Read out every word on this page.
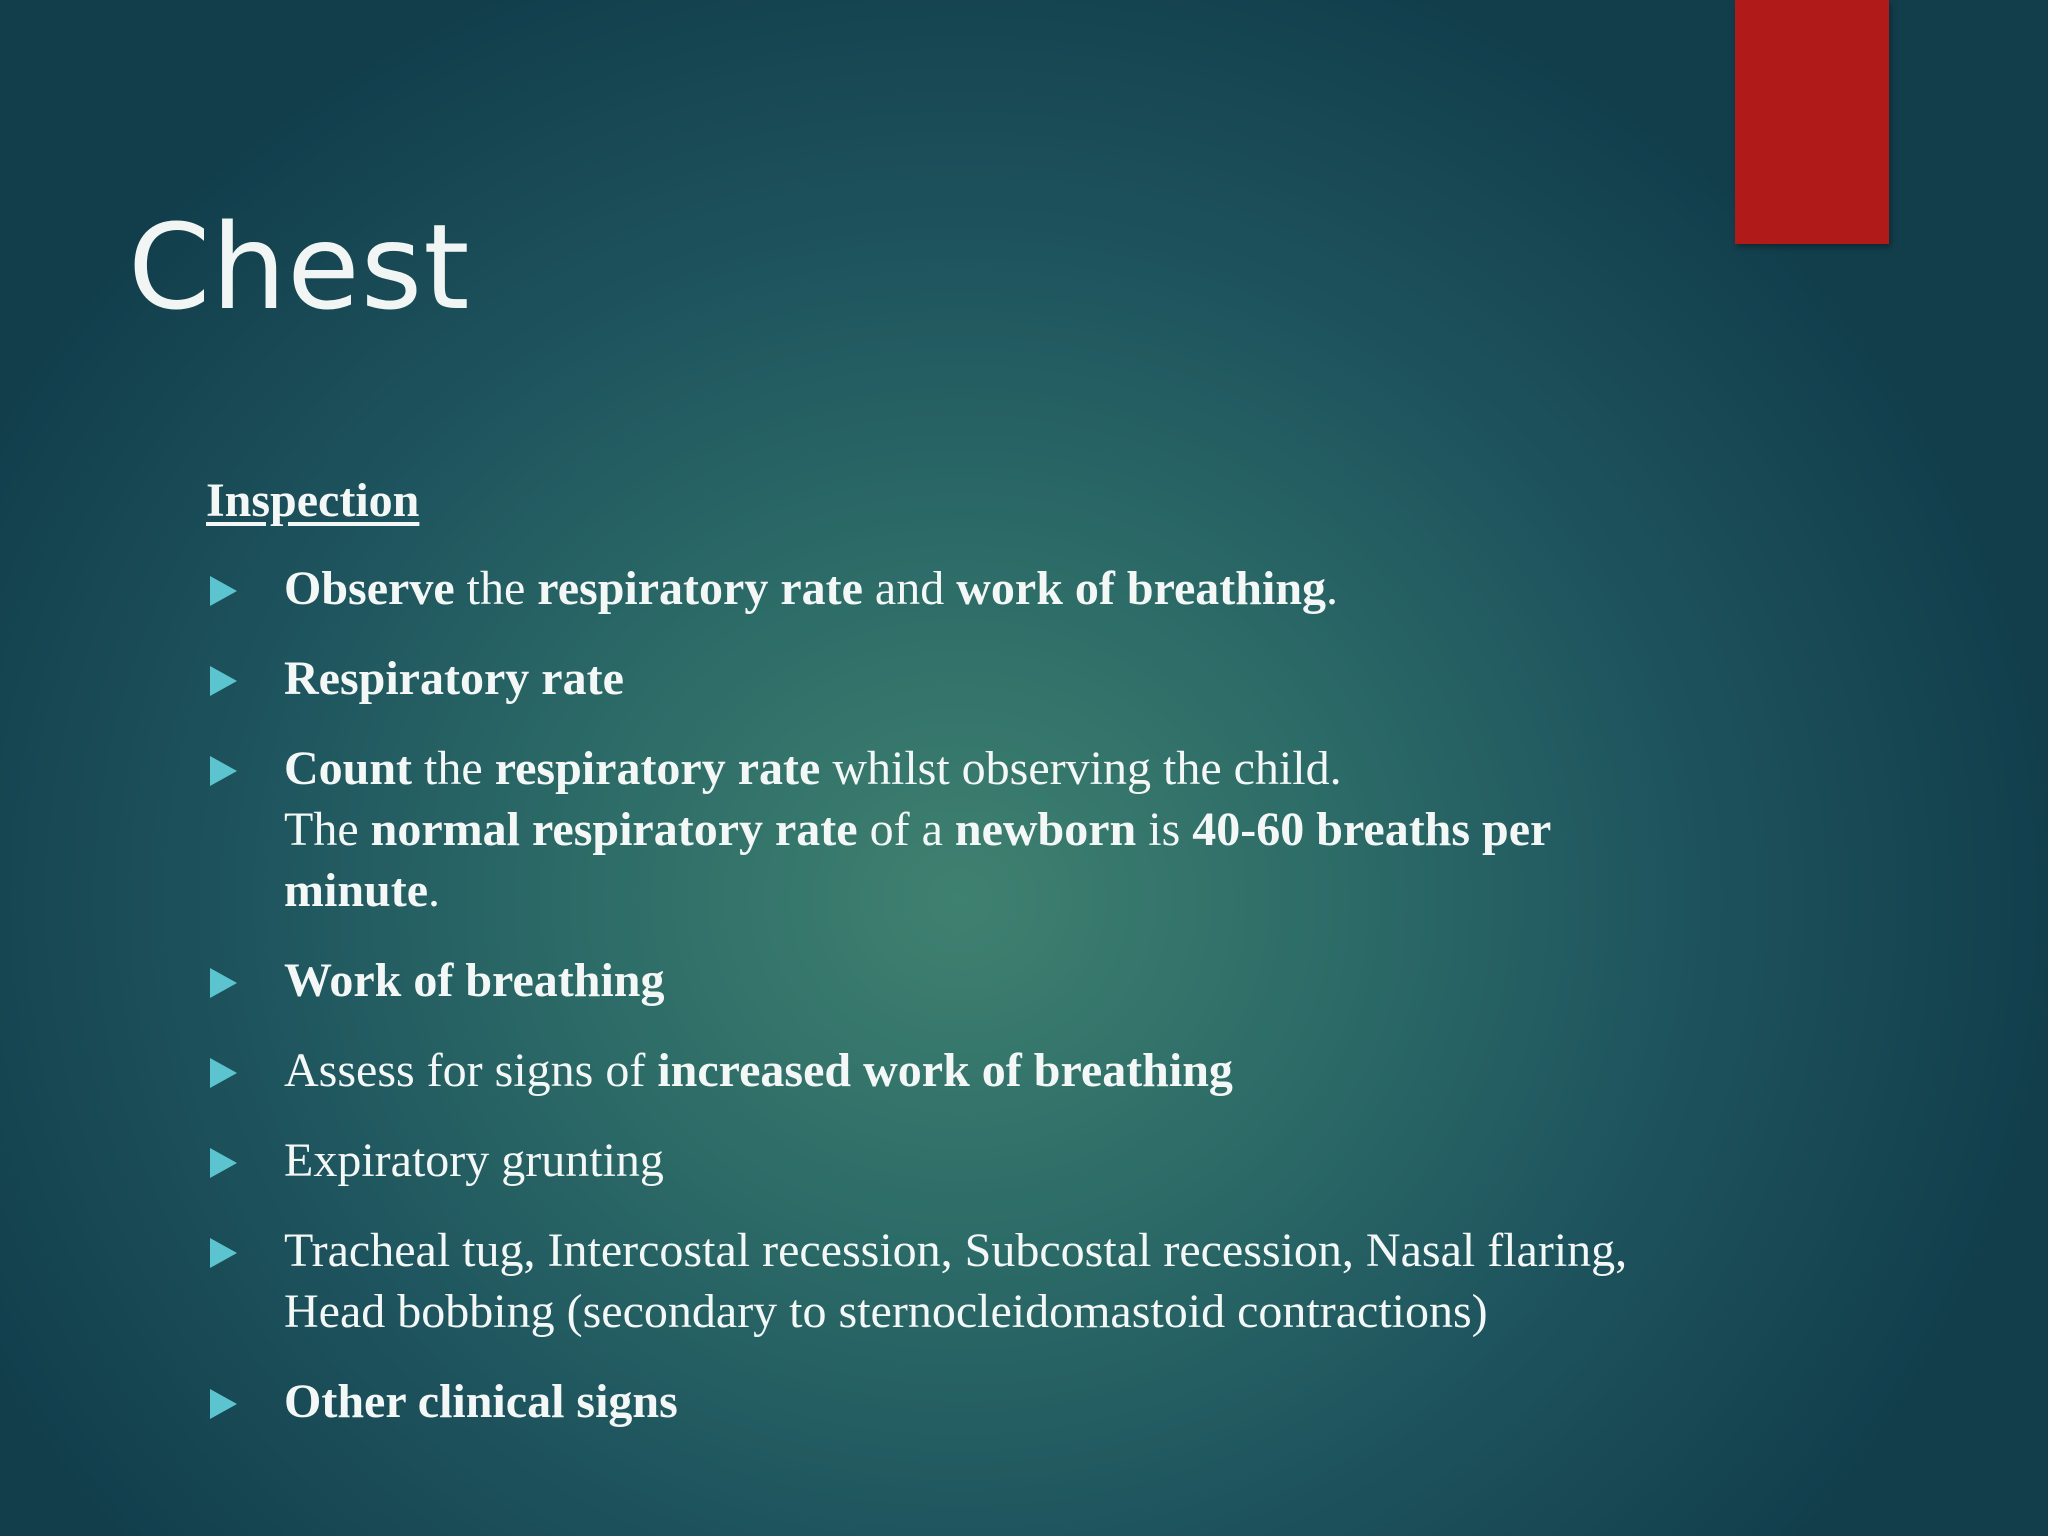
Chest
Inspection
Observe the respiratory rate and work of breathing.
Respiratory rate
Count the respiratory rate whilst observing the child.
The normal respiratory rate of a newborn is 40-60 breaths per minute.
Work of breathing
Assess for signs of increased work of breathing
Expiratory grunting
Tracheal tug, Intercostal recession, Subcostal recession, Nasal flaring, Head bobbing (secondary to sternocleidomastoid contractions)
Other clinical signs
